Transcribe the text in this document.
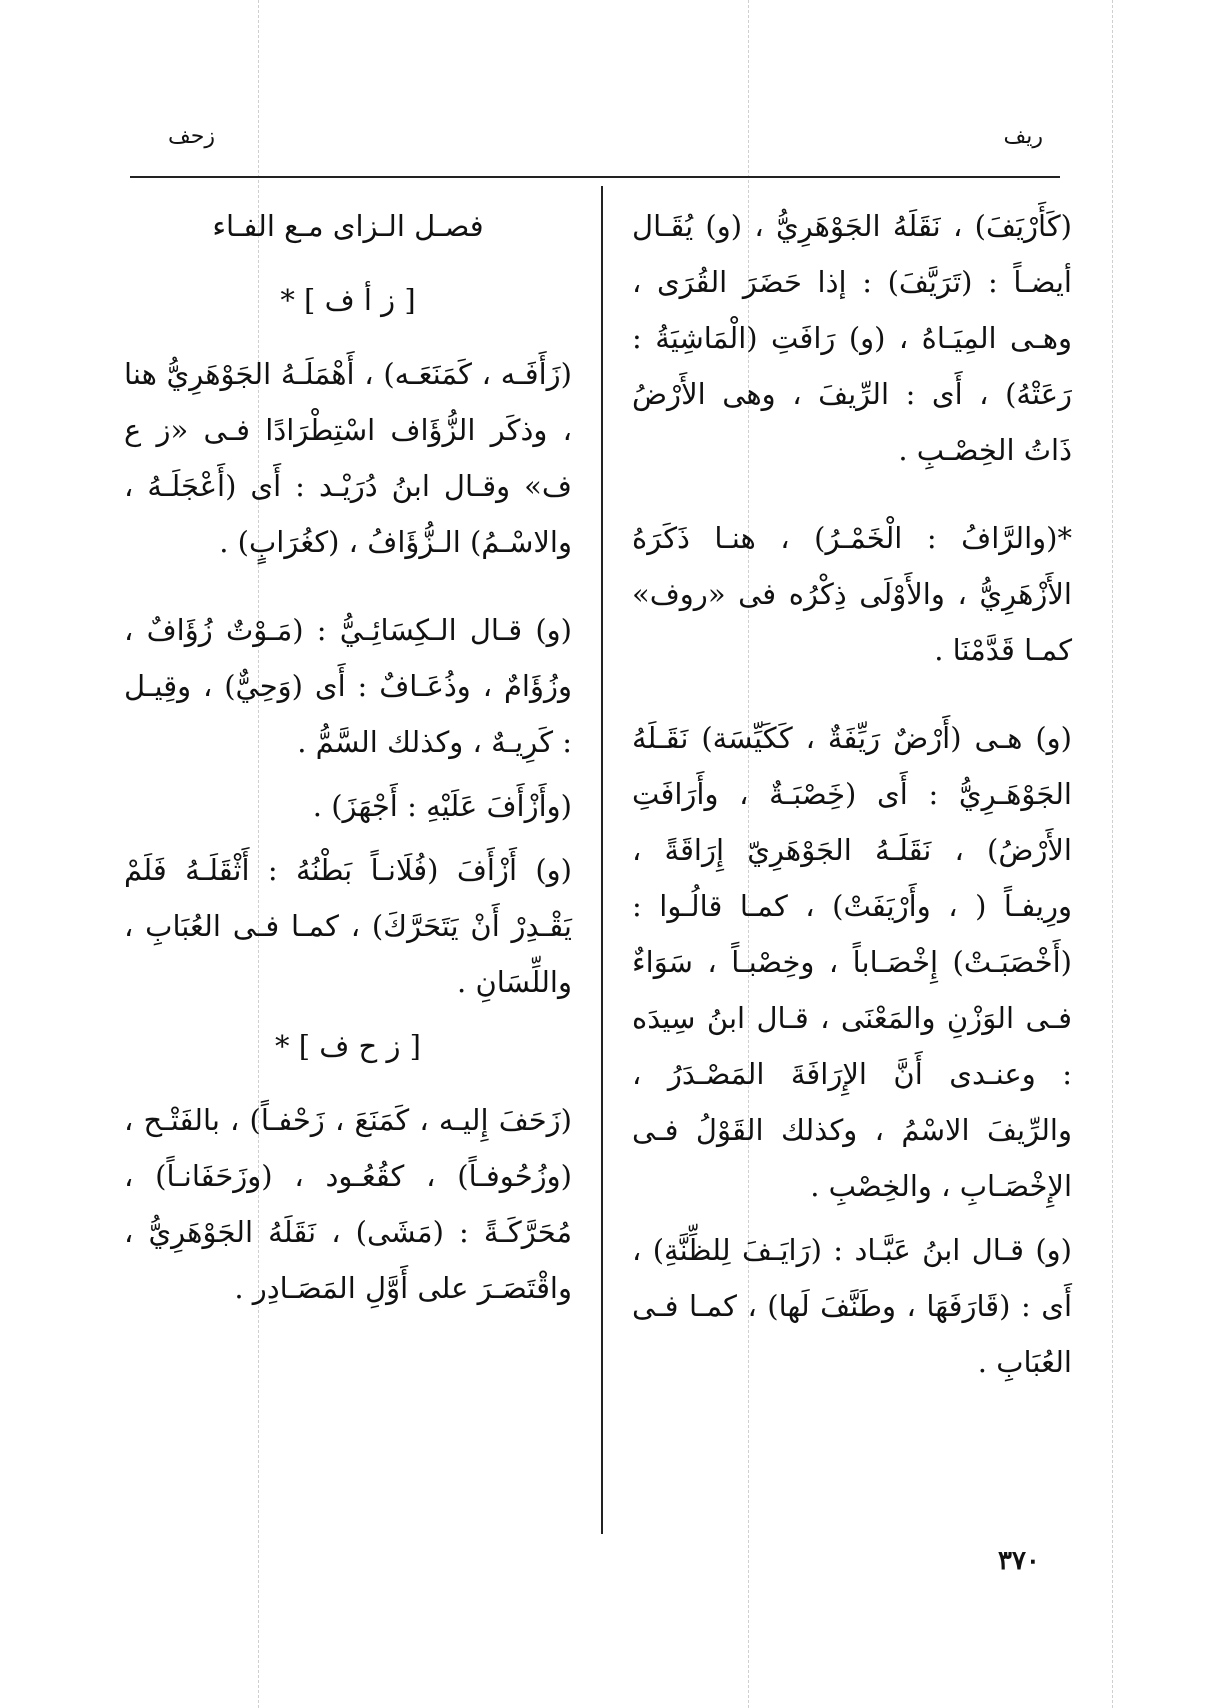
ريف
زحف

(كَأَرْيَفَ) ، نَقَلَهُ الجَوْهَرِيُّ ، (و) يُقَـال أيضـاً : (تَرَيَّفَ) : إذا حَضَرَ القُرَى ، وهـى المِيَـاهُ ، (و) رَافَتِ (الْمَاشِيَةُ : رَعَتْهُ) ، أَى : الرِّيفَ ، وهى الأَرْضُ ذَاتُ الخِصْـبِ .

*(والرَّافُ : الْخَمْـرُ) ، هنـا ذَكَرَهُ الأَزْهَرِيُّ ، والأَوْلَى ذِكْرُه فى «روف» كمـا قَدَّمْنَا .

(و) هـى (أَرْضٌ رَيِّفَةٌ ، كَكَيِّسَة) نَقَـلَهُ الجَوْهَـرِيُّ : أَى (خَِصْبَـةٌ ، وأَرَافَتِ الأَرْضُ) ، نَقَلَـهُ الجَوْهَرِيّ إِرَاقَةً ، ورِيفـاً ( ، وأَرْيَفَتْ) ، كمـا قالُـوا : (أَخْصَبَـتْ) إِخْصَـاباً ، وخِصْبـاً ، سَوَاءٌ فـى الوَزْنِ والمَعْنَى ، قـال ابنُ سِيدَه : وعنـدى أَنَّ الإِرَافَةَ المَصْـدَرُ ، والرِّيفَ الاسْمُ ، وكذلك القَوْلُ فـى الإِخْصَـابِ ، والخِصْبِ .

(و) قـال ابنُ عَبَّـاد : (رَايَـفَ لِلظِّنَّةِ) ، أَى : (قَارَفَهَا ، وطَنَّفَ لَها) ، كمـا فـى العُبَابِ .

فصـل الـزاى مـع الفـاء

[ ز أ ف ] *

(زَأَفَـه ، كَمَنَعَـه) ، أَهْمَلَـهُ الجَوْهَرِيُّ هنا ، وذكَر الزُّؤَاف اسْتِطْرَادًا فـى «ز ع ف» وقـال ابنُ دُرَيْـد : أَى (أَعْجَلَـهُ ، والاسْـمُ) الـزُّؤَافُ ، (كغُرَابٍ) .

(و) قـال الـكِسَائِـيُّ : (مَـوْتٌ زُؤَافٌ ، وزُؤَامٌ ، وذُعَـافٌ : أَى (وَحِيٌّ) ، وقِيـل : كَرِيـهٌ ، وكذلك السَّمُّ .

(وأَزْأَفَ عَلَيْهِ : أَجْهَزَ) .

(و) أَزْأَفَ (فُلَانـاً بَطْنُهُ : أَثْقَلَـهُ فَلَمْ يَقْـدِرْ أَنْ يَتَحَرَّكَ) ، كمـا فـى العُبَابِ ، واللِّسَانِ .

[ ز ح ف ] *

(زَحَفَ إِليـه ، كَمَنَعَ ، زَحْفـاً) ، بالفَتْـح ، (وزُحُوفـاً) ، كقُعُـود ، (وزَحَفَانـاً) ، مُحَرَّكَـةً : (مَشَى) ، نَقَلَهُ الجَوْهَرِيُّ ، واقْتَصَـرَ على أَوَّلِ المَصَـادِر .

٣٧٠
